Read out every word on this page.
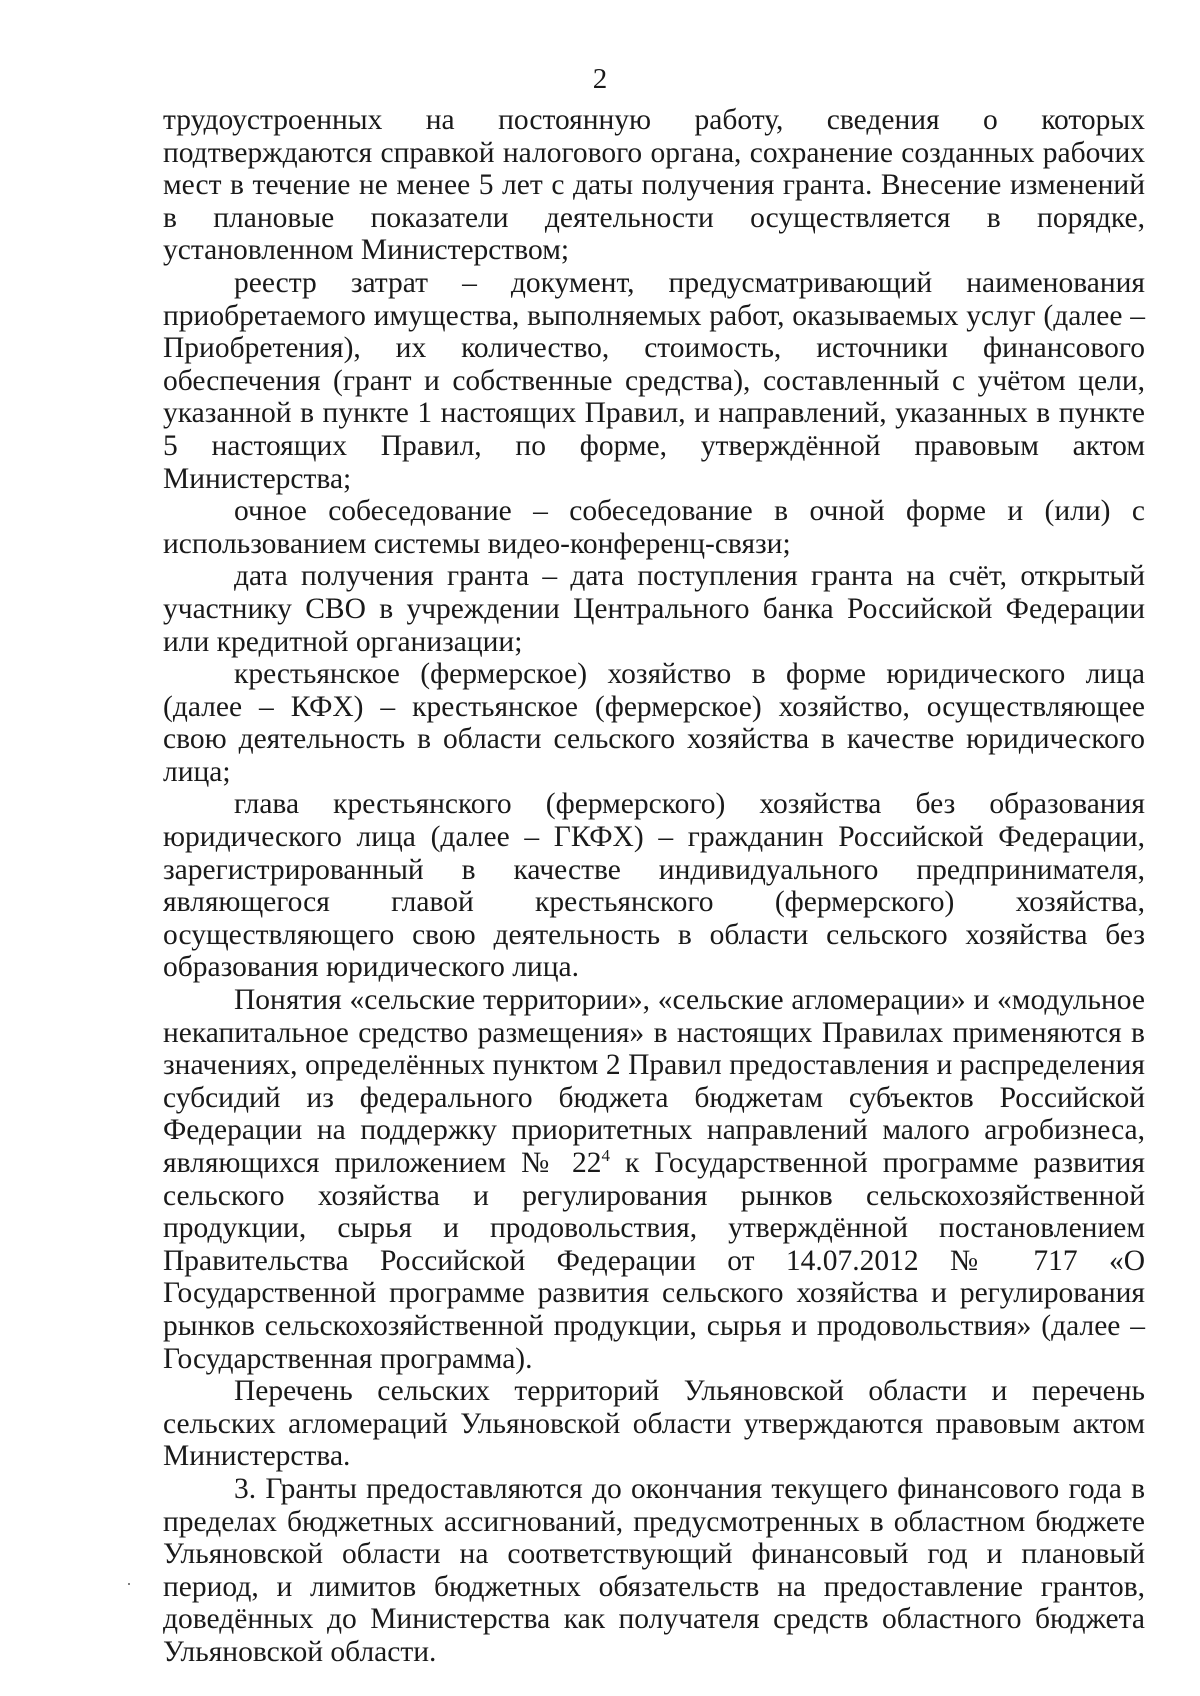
2

трудоустроенных на постоянную работу, сведения о которых подтверждаются справкой налогового органа, сохранение созданных рабочих мест в течение не менее 5 лет с даты получения гранта. Внесение изменений в плановые показатели деятельности осуществляется в порядке, установленном Министерством;

реестр затрат – документ, предусматривающий наименования приобретаемого имущества, выполняемых работ, оказываемых услуг (далее – Приобретения), их количество, стоимость, источники финансового обеспечения (грант и собственные средства), составленный с учётом цели, указанной в пункте 1 настоящих Правил, и направлений, указанных в пункте 5 настоящих Правил, по форме, утверждённой правовым актом Министерства;

очное собеседование – собеседование в очной форме и (или) с использованием системы видео-конференц-связи;

дата получения гранта – дата поступления гранта на счёт, открытый участнику СВО в учреждении Центрального банка Российской Федерации или кредитной организации;

крестьянское (фермерское) хозяйство в форме юридического лица (далее – КФХ) – крестьянское (фермерское) хозяйство, осуществляющее свою деятельность в области сельского хозяйства в качестве юридического лица;

глава крестьянского (фермерского) хозяйства без образования юридического лица (далее – ГКФХ) – гражданин Российской Федерации, зарегистрированный в качестве индивидуального предпринимателя, являющегося главой крестьянского (фермерского) хозяйства, осуществляющего свою деятельность в области сельского хозяйства без образования юридического лица.

Понятия «сельские территории», «сельские агломерации» и «модульное некапитальное средство размещения» в настоящих Правилах применяются в значениях, определённых пунктом 2 Правил предоставления и распределения субсидий из федерального бюджета бюджетам субъектов Российской Федерации на поддержку приоритетных направлений малого агробизнеса, являющихся приложением № $22^4$ к Государственной программе развития сельского хозяйства и регулирования рынков сельскохозяйственной продукции, сырья и продовольствия, утверждённой постановлением Правительства Российской Федерации от 14.07.2012 № 717 «О Государственной программе развития сельского хозяйства и регулирования рынков сельскохозяйственной продукции, сырья и продовольствия» (далее – Государственная программа).

Перечень сельских территорий Ульяновской области и перечень сельских агломераций Ульяновской области утверждаются правовым актом Министерства.

3. Гранты предоставляются до окончания текущего финансового года в пределах бюджетных ассигнований, предусмотренных в областном бюджете Ульяновской области на соответствующий финансовый год и плановый период, и лимитов бюджетных обязательств на предоставление грантов, доведённых до Министерства как получателя средств областного бюджета Ульяновской области.
